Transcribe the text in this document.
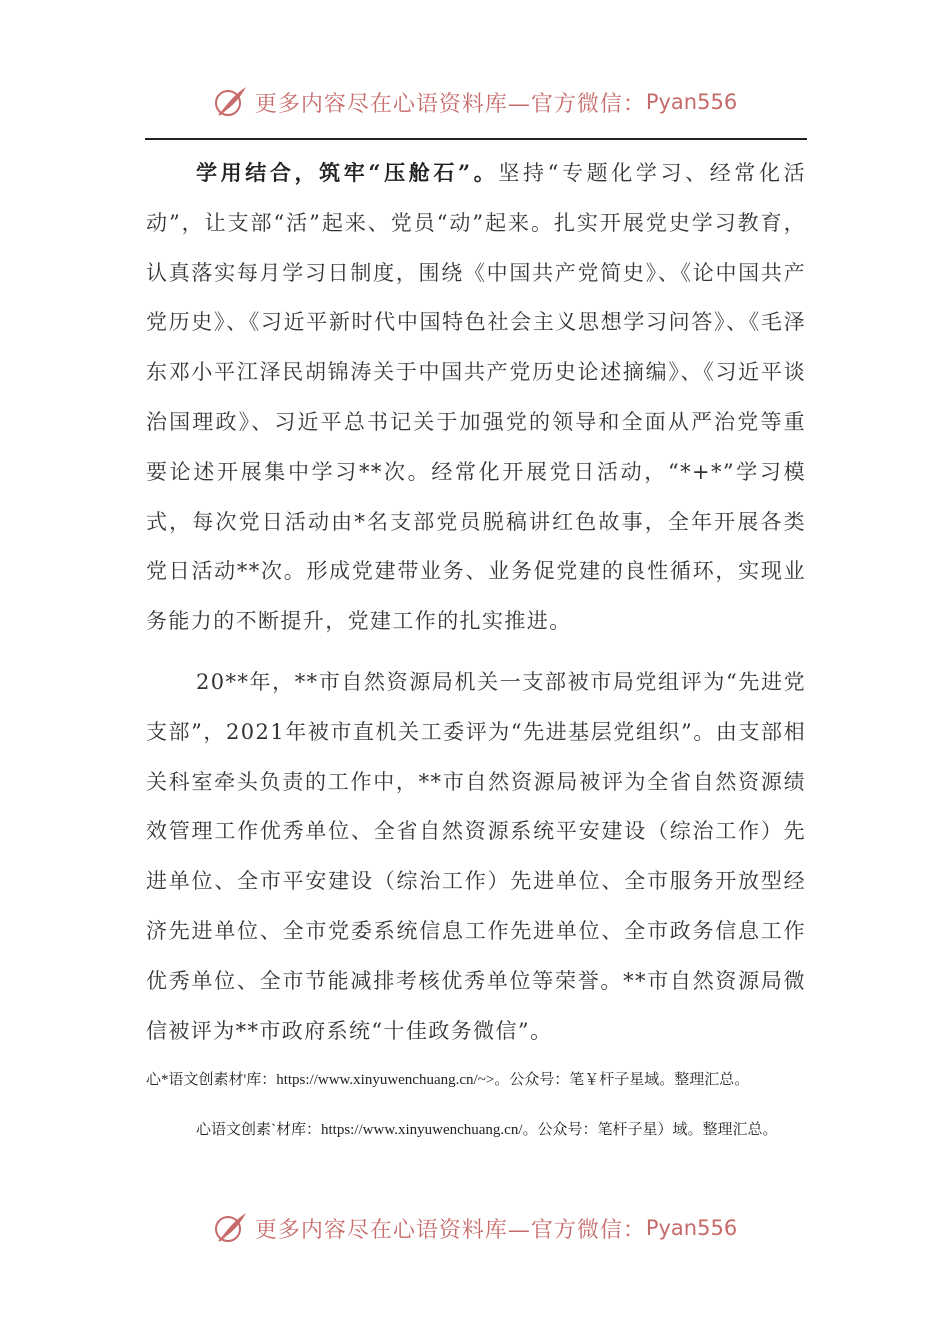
更多内容尽在心语资料库—官方微信： Pyan556

学用结合，筑牢“压舱石”。坚持“专题化学习、经常化活动”，让支部“活”起来、党员“动”起来。扎实开展党史学习教育，认真落实每月学习日制度，围绕《中国共产党简史》、《论中国共产党历史》、《习近平新时代中国特色社会主义思想学习问答》、《毛泽东邓小平江泽民胡锦涛关于中国共产党历史论述摘编》、《习近平谈治国理政》、习近平总书记关于加强党的领导和全面从严治党等重要论述开展集中学习**次。经常化开展党日活动，“*+*”学习模式，每次党日活动由*名支部党员脱稿讲红色故事，全年开展各类党日活动**次。形成党建带业务、业务促党建的良性循环，实现业务能力的不断提升，党建工作的扎实推进。

20**年，**市自然资源局机关一支部被市局党组评为“先进党支部”，2021年被市直机关工委评为“先进基层党组织”。由支部相关科室牵头负责的工作中，**市自然资源局被评为全省自然资源绩效管理工作优秀单位、全省自然资源系统平安建设（综治工作）先进单位、全市平安建设（综治工作）先进单位、全市服务开放型经济先进单位、全市党委系统信息工作先进单位、全市政务信息工作优秀单位、全市节能减排考核优秀单位等荣誉。**市自然资源局微信被评为**市政府系统“十佳政务微信”。

心*语文创素材'库：https://www.xinyuwenchuang.cn/~>。公众号：笔￥杆子星域。整理汇总。

心语文创素`材库：https://www.xinyuwenchuang.cn/。公众号：笔杆子星）域。整理汇总。

更多内容尽在心语资料库—官方微信： Pyan556
